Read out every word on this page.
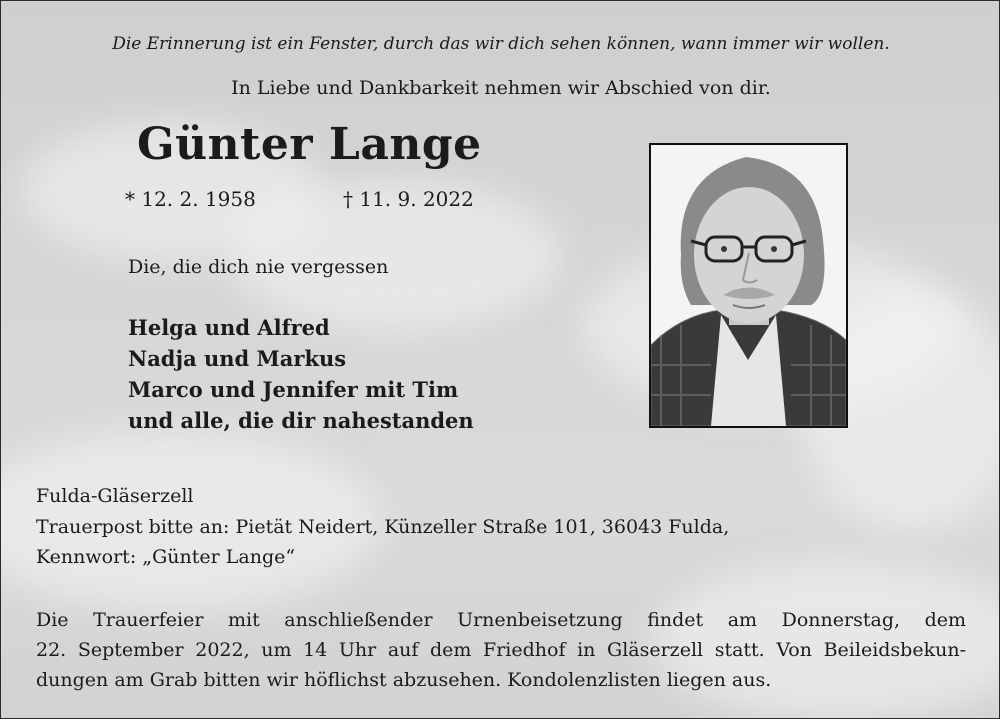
Die Erinnerung ist ein Fenster, durch das wir dich sehen können, wann immer wir wollen.
In Liebe und Dankbarkeit nehmen wir Abschied von dir.
Günter Lange
* 12. 2. 1958	† 11. 9. 2022
Die, die dich nie vergessen
Helga und Alfred
Nadja und Markus
Marco und Jennifer mit Tim
und alle, die dir nahestanden
Fulda-Gläserzell
Trauerpost bitte an: Pietät Neidert, Künzeller Straße 101, 36043 Fulda,
Kennwort: „Günter Lange“
Die Trauerfeier mit anschließender Urnenbeisetzung findet am Donnerstag, dem
22. September 2022, um 14 Uhr auf dem Friedhof in Gläserzell statt. Von Beileidsbekun-
dungen am Grab bitten wir höflichst abzusehen. Kondolenzlisten liegen aus.
